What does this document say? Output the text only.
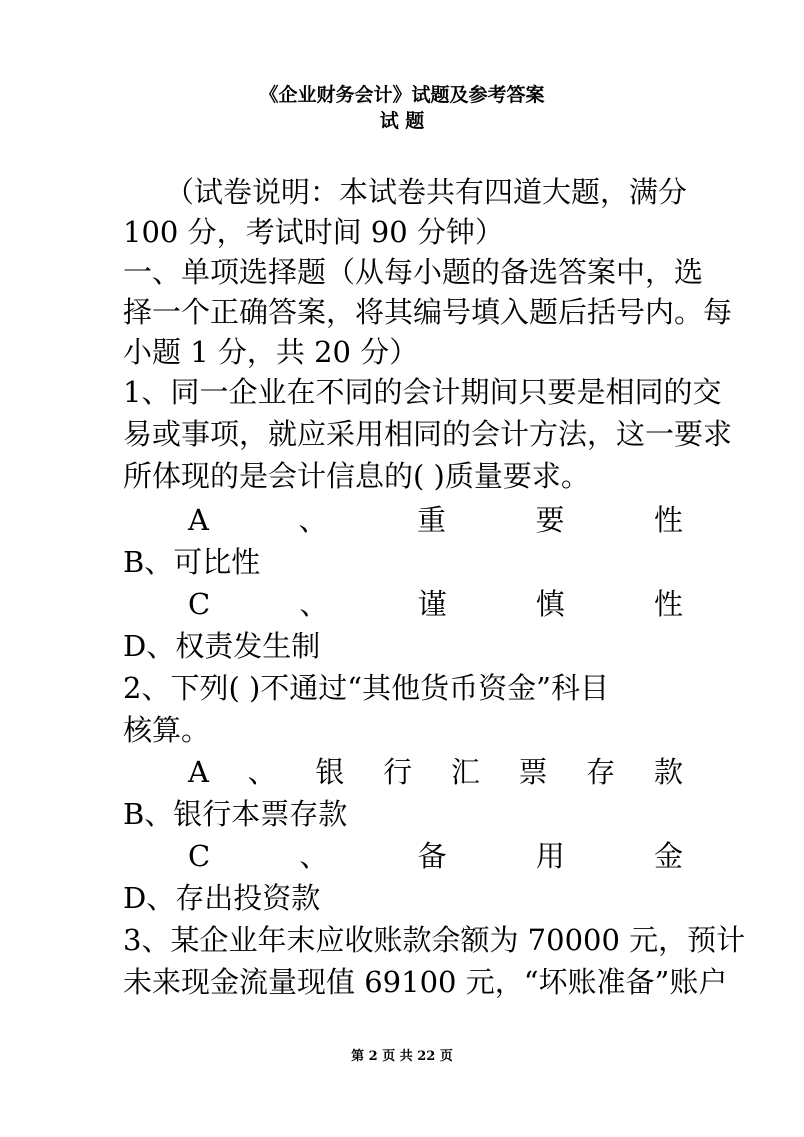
《企业财务会计》试题及参考答案
试 题
（试卷说明：本试卷共有四道大题，满分
100 分，考试时间 90 分钟）
一、单项选择题（从每小题的备选答案中，选
择一个正确答案，将其编号填入题后括号内。每
小题 1 分，共 20 分）
1、同一企业在不同的会计期间只要是相同的交
易或事项，就应采用相同的会计方法，这一要求
所体现的是会计信息的( )质量要求。
A	、	重	要	性
B、可比性
C	、	谨	慎	性
D、权责发生制
2、下列( )不通过“其他货币资金”科目
核算。
A 、 银 行 汇 票 存 款
B、银行本票存款
C	、	备	用	金
D、存出投资款
3、某企业年末应收账款余额为 70000 元，预计
未来现金流量现值 69100 元，“坏账准备”账户
第 2 页 共 22 页
